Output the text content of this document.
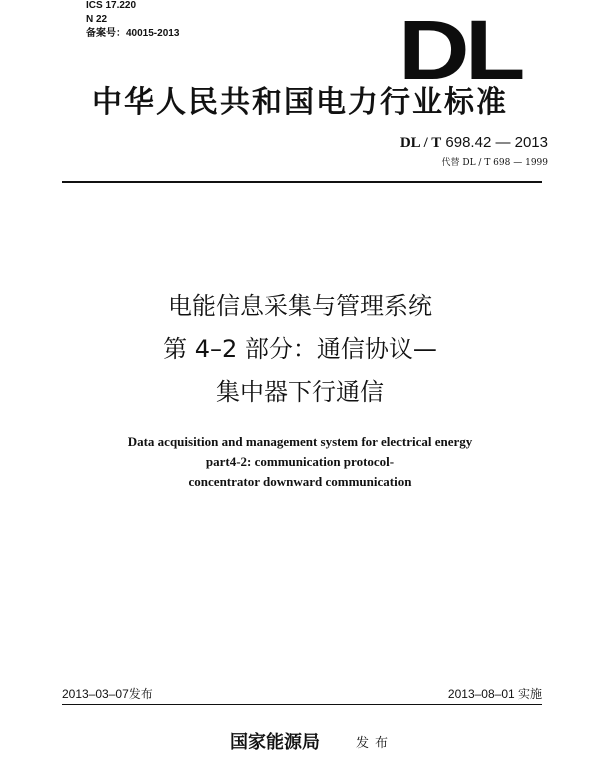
ICS 17.220
N 22
备案号：40015-2013	DL
中华人民共和国电力行业标准
DL / T 698.42 — 2013
代替 DL / T 698 — 1999
电能信息采集与管理系统
第 4–2 部分：通信协议—
集中器下行通信
Data acquisition and management system for electrical energy
part4-2: communication protocol-
concentrator downward communication
2013–03–07发布	2013–08–01 实施
国家能源局	发布
